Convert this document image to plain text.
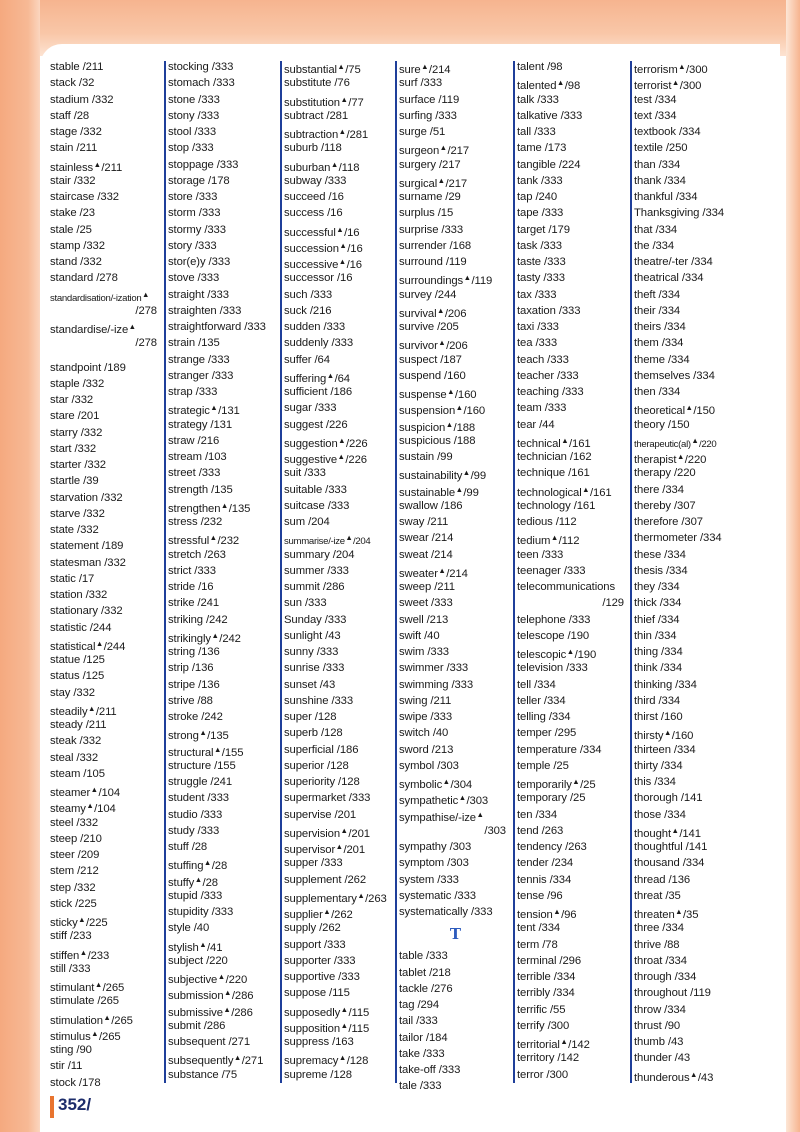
stable /211
stack /32
stadium /332
staff /28
stage /332
stain /211
stainless▲/211
stair /332
staircase /332
stake /23
stale /25
stamp /332
stand /332
standard /278
standardisation/-ization▲
/278
standardise/-ize▲
/278
standpoint /189
staple /332
star /332
stare /201
starry /332
start /332
starter /332
startle /39
starvation /332
starve /332
state /332
statement /189
statesman /332
static /17
station /332
stationary /332
statistic /244
statistical▲/244
statue /125
status /125
stay /332
steadily▲/211
steady /211
steak /332
steal /332
steam /105
steamer▲/104
steamy▲/104
steel /332
steep /210
steer /209
stem /212
step /332
stick /225
sticky▲/225
stiff /233
stiffen▲/233
still /333
stimulant▲/265
stimulate /265
stimulation▲/265
stimulus▲/265
sting /90
stir /11
stock /178
stocking /333
stomach /333
stone /333
stony /333
stool /333
stop /333
stoppage /333
storage /178
store /333
storm /333
stormy /333
story /333
stor(e)y /333
stove /333
straight /333
straighten /333
straightforward /333
strain /135
strange /333
stranger /333
strap /333
strategic▲/131
strategy /131
straw /216
stream /103
street /333
strength /135
strengthen▲/135
stress /232
stressful▲/232
stretch /263
strict /333
stride /16
strike /241
striking /242
strikingly▲/242
string /136
strip /136
stripe /136
strive /88
stroke /242
strong▲/135
structural▲/155
structure /155
struggle /241
student /333
studio /333
study /333
stuff /28
stuffing▲/28
stuffy▲/28
stupid /333
stupidity /333
style /40
stylish▲/41
subject /220
subjective▲/220
submission▲/286
submissive▲/286
submit /286
subsequent /271
subsequently▲/271
substance /75
substantial▲/75
substitute /76
substitution▲/77
subtract /281
subtraction▲/281
suburb /118
suburban▲/118
subway /333
succeed /16
success /16
successful▲/16
succession▲/16
successive▲/16
successor /16
such /333
suck /216
sudden /333
suddenly /333
suffer /64
suffering▲/64
sufficient /186
sugar /333
suggest /226
suggestion▲/226
suggestive▲/226
suit /333
suitable /333
suitcase /333
sum /204
summarise/-ize▲/204
summary /204
summer /333
summit /286
sun /333
Sunday /333
sunlight /43
sunny /333
sunrise /333
sunset /43
sunshine /333
super /128
superb /128
superficial /186
superior /128
superiority /128
supermarket /333
supervise /201
supervision▲/201
supervisor▲/201
supper /333
supplement /262
supplementary▲/263
supplier▲/262
supply /262
support /333
supporter /333
supportive /333
suppose /115
supposedly▲/115
supposition▲/115
suppress /163
supremacy▲/128
supreme /128
sure▲/214
surf /333
surface /119
surfing /333
surge /51
surgeon▲/217
surgery /217
surgical▲/217
surname /29
surplus /15
surprise /333
surrender /168
surround /119
surroundings▲/119
survey /244
survival▲/206
survive /205
survivor▲/206
suspect /187
suspend /160
suspense▲/160
suspension▲/160
suspicion▲/188
suspicious /188
sustain /99
sustainability▲/99
sustainable▲/99
swallow /186
sway /211
swear /214
sweat /214
sweater▲/214
sweep /211
sweet /333
swell /213
swift /40
swim /333
swimmer /333
swimming /333
swing /211
swipe /333
switch /40
sword /213
symbol /303
symbolic▲/304
sympathetic▲/303
sympathise/-ize▲
/303
sympathy /303
symptom /303
system /333
systematic /333
systematically /333
T
table /333
tablet /218
tackle /276
tag /294
tail /333
tailor /184
take /333
take-off /333
tale /333
talent /98
talented▲/98
talk /333
talkative /333
tall /333
tame /173
tangible /224
tank /333
tap /240
tape /333
target /179
task /333
taste /333
tasty /333
tax /333
taxation /333
taxi /333
tea /333
teach /333
teacher /333
teaching /333
team /333
tear /44
technical▲/161
technician /162
technique /161
technological▲/161
technology /161
tedious /112
tedium▲/112
teen /333
teenager /333
telecommunications
/129
telephone /333
telescope /190
telescopic▲/190
television /333
tell /334
teller /334
telling /334
temper /295
temperature /334
temple /25
temporarily▲/25
temporary /25
ten /334
tend /263
tendency /263
tender /234
tennis /334
tense /96
tension▲/96
tent /334
term /78
terminal /296
terrible /334
terribly /334
terrific /55
terrify /300
territorial▲/142
territory /142
terror /300
terrorism▲/300
terrorist▲/300
test /334
text /334
textbook /334
textile /250
than /334
thank /334
thankful /334
Thanksgiving /334
that /334
the /334
theatre/-ter /334
theatrical /334
theft /334
their /334
theirs /334
them /334
theme /334
themselves /334
then /334
theoretical▲/150
theory /150
therapeutic(al)▲/220
therapist▲/220
therapy /220
there /334
thereby /307
therefore /307
thermometer /334
these /334
thesis /334
they /334
thick /334
thief /334
thin /334
thing /334
think /334
thinking /334
third /334
thirst /160
thirsty▲/160
thirteen /334
thirty /334
this /334
thorough /141
those /334
thought▲/141
thoughtful /141
thousand /334
thread /136
threat /35
threaten▲/35
three /334
thrive /88
throat /334
through /334
throughout /119
throw /334
thrust /90
thumb /43
thunder /43
thunderous▲/43
352/
